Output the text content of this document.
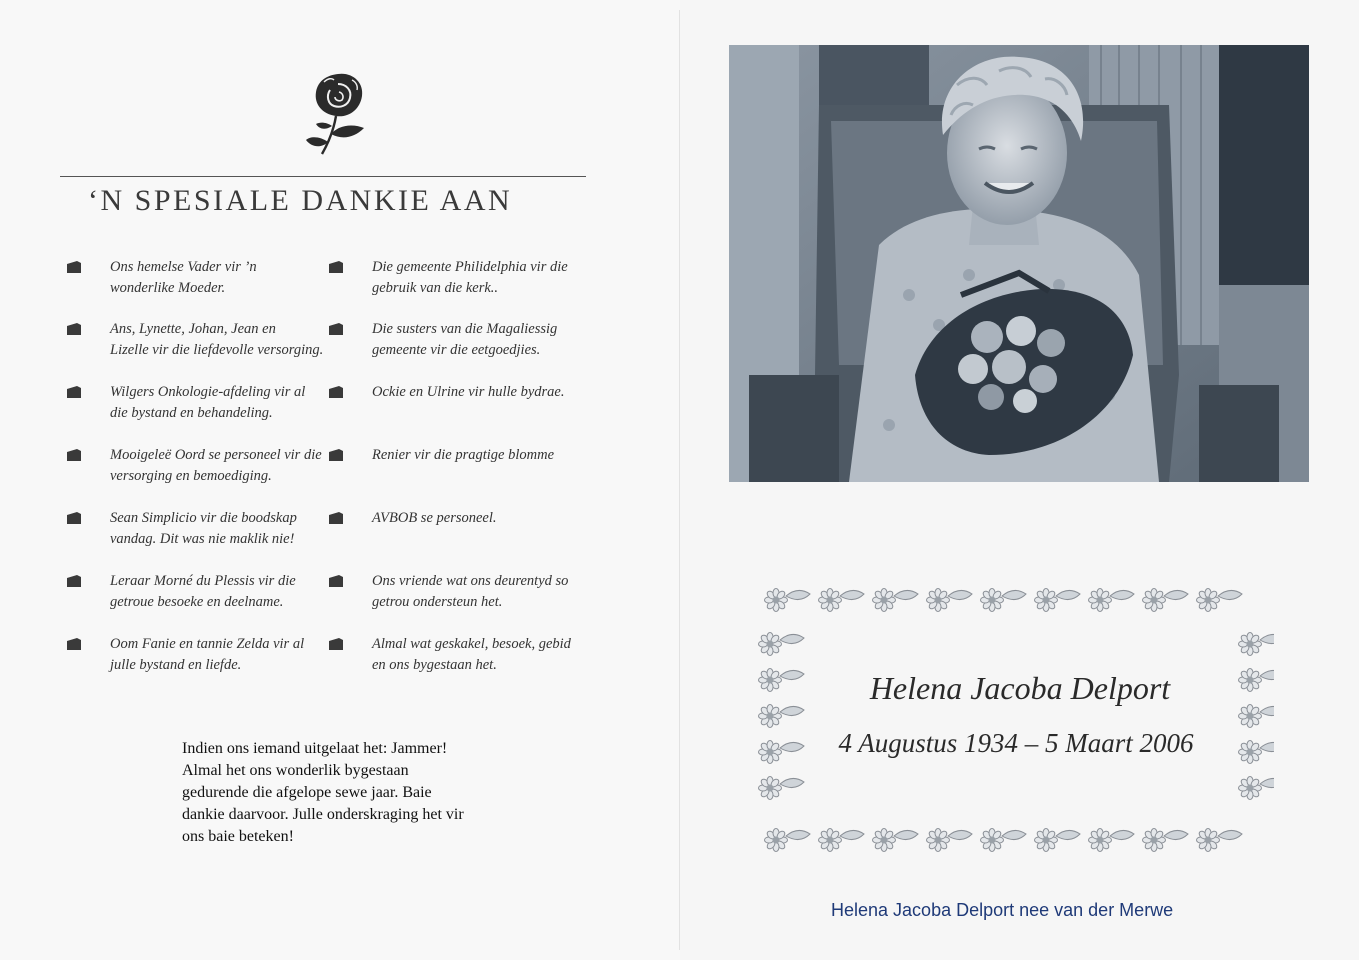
‘N SPESIALE DANKIE AAN
Ons hemelse Vader vir ’n
wonderlike Moeder.
Ans, Lynette, Johan, Jean en
Lizelle vir die liefdevolle versorging.
Wilgers Onkologie-afdeling vir al
die bystand en behandeling.
Mooigeleë Oord se personeel vir die
versorging en bemoediging.
Sean Simplicio vir die boodskap
vandag. Dit was nie maklik nie!
Leraar Morné du Plessis vir die
getroue besoeke en deelname.
Oom Fanie en tannie Zelda vir al
julle bystand en liefde.
Die gemeente Philidelphia vir die
gebruik van die kerk..
Die susters van die Magaliessig
gemeente vir die eetgoedjies.
Ockie en Ulrine vir hulle bydrae.
Renier vir die pragtige blomme
AVBOB se personeel.
Ons vriende wat ons deurentyd so
getrou ondersteun het.
Almal wat geskakel, besoek, gebid
en ons bygestaan het.
Indien ons iemand uitgelaat het: Jammer!
Almal het ons wonderlik bygestaan
gedurende die afgelope sewe jaar. Baie
dankie daarvoor. Julle onderskraging het vir
ons baie beteken!
Helena Jacoba Delport
4 Augustus 1934 – 5 Maart 2006
Helena Jacoba Delport nee van der Merwe
